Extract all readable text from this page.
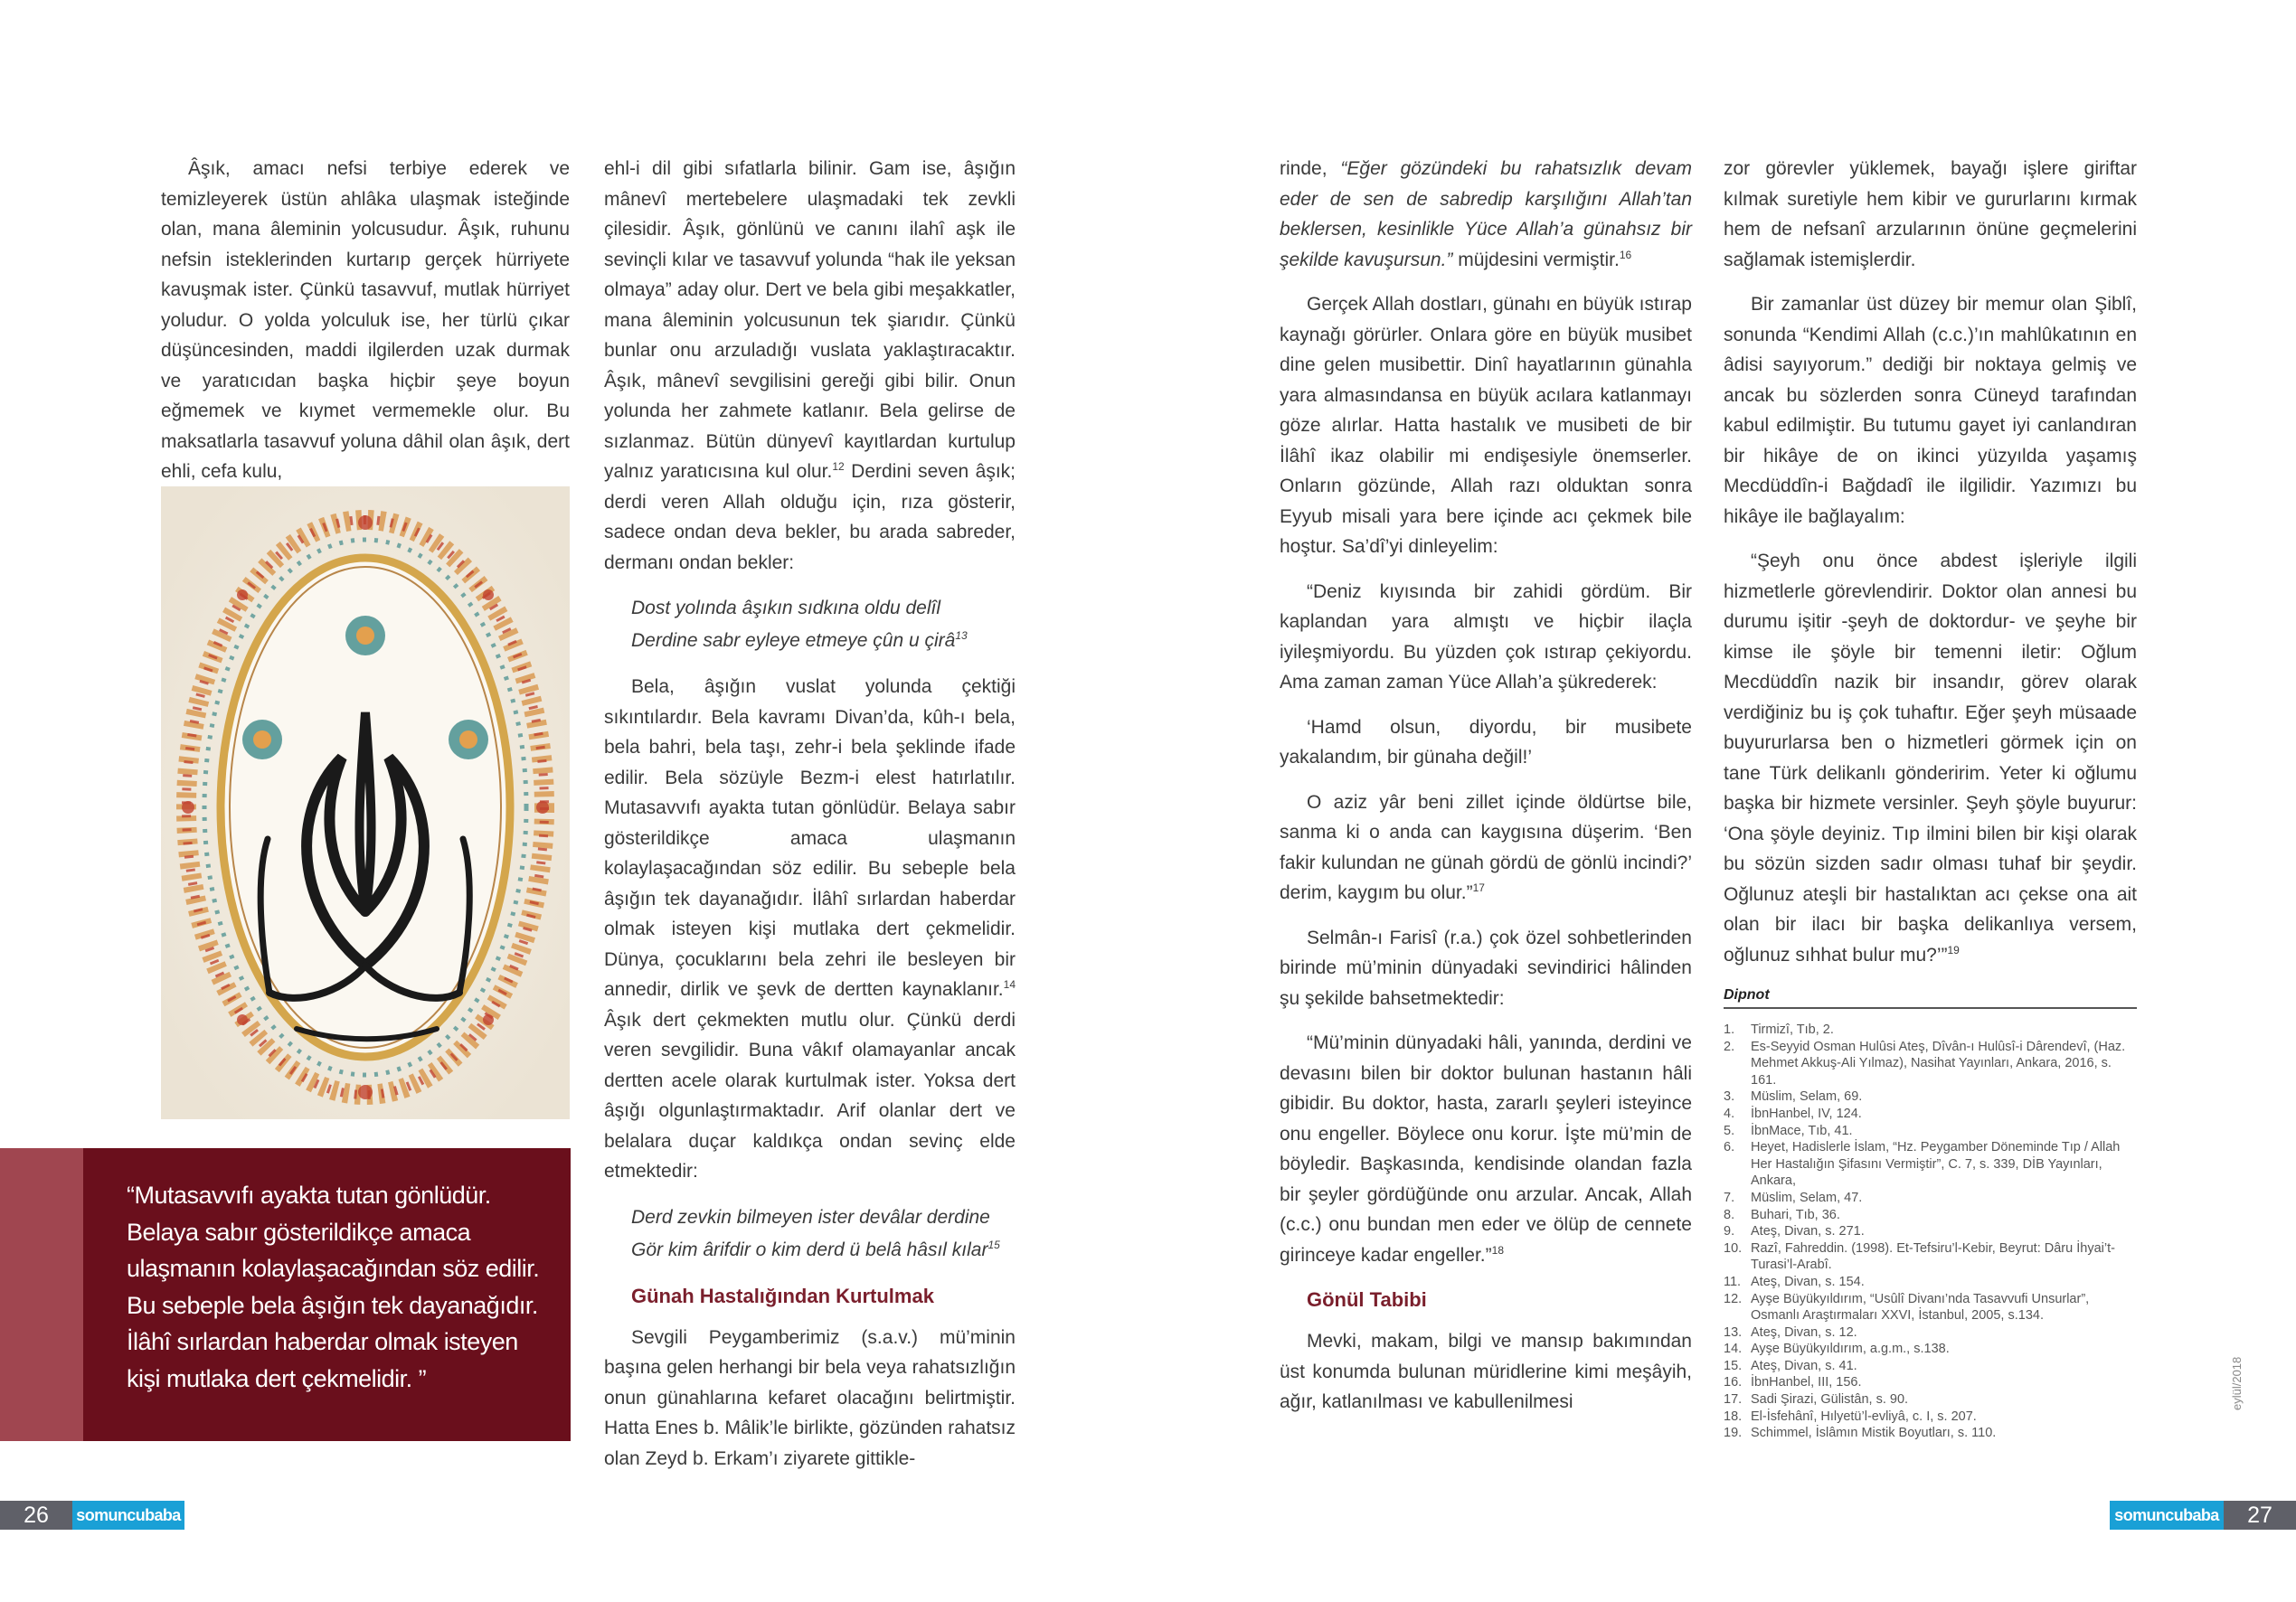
Âşık, amacı nefsi terbiye ederek ve temizleyerek üstün ahlâka ulaşmak isteğinde olan, mana âleminin yolcusudur. Âşık, ruhunu nefsin isteklerinden kurtarıp gerçek hürriyete kavuşmak ister. Çünkü tasavvuf, mutlak hürriyet yoludur. O yolda yolculuk ise, her türlü çıkar düşüncesinden, maddi ilgilerden uzak durmak ve yaratıcıdan başka hiçbir şeye boyun eğmemek ve kıymet vermemekle olur. Bu maksatlarla tasavvuf yoluna dâhil olan âşık, dert ehli, cefa kulu,

“Mutasavvıfı ayakta tutan gönlüdür. Belaya sabır gösterildikçe amaca ulaşmanın kolaylaşacağından söz edilir. Bu sebeple bela âşığın tek dayanağıdır. İlâhî sırlardan haberdar olmak isteyen kişi mutlaka dert çekmelidir. ”

ehl-i dil gibi sıfatlarla bilinir. Gam ise, âşığın mânevî mertebelere ulaşmadaki tek zevkli çilesidir. Âşık, gönlünü ve canını ilahî aşk ile sevinçli kılar ve tasavvuf yolunda “hak ile yeksan olmaya” aday olur. Dert ve bela gibi meşakkatler, mana âleminin yolcusunun tek şiarıdır. Çünkü bunlar onu arzuladığı vuslata yaklaştıracaktır. Âşık, mânevî sevgilisini gereği gibi bilir. Onun yolunda her zahmete katlanır. Bela gelirse de sızlanmaz. Bütün dünyevî kayıtlardan kurtulup yalnız yaratıcısına kul olur.$^{12}$ Derdini seven âşık; derdi veren Allah olduğu için, rıza gösterir, sadece ondan deva bekler, bu arada sabreder, dermanı ondan bekler:

Dost yolında âşıkın sıdkına oldu delîl
Derdine sabr eyleye etmeye çûn u çirâ$^{13}$

Bela, âşığın vuslat yolunda çektiği sıkıntılardır. Bela kavramı Divan’da, kûh-ı bela, bela bahri, bela taşı, zehr-i bela şeklinde ifade edilir. Bela sözüyle Bezm-i elest hatırlatılır. Mutasavvıfı ayakta tutan gönlüdür. Belaya sabır gösterildikçe amaca ulaşmanın kolaylaşacağından söz edilir. Bu sebeple bela âşığın tek dayanağıdır. İlâhî sırlardan haberdar olmak isteyen kişi mutlaka dert çekmelidir. Dünya, çocuklarını bela zehri ile besleyen bir annedir, dirlik ve şevk de dertten kaynaklanır.$^{14}$ Âşık dert çekmekten mutlu olur. Çünkü derdi veren sevgilidir. Buna vâkıf olamayanlar ancak dertten acele olarak kurtulmak ister. Yoksa dert âşığı olgunlaştırmaktadır. Arif olanlar dert ve belalara duçar kaldıkça ondan sevinç elde etmektedir:

Derd zevkin bilmeyen ister devâlar derdine
Gör kim ârifdir o kim derd ü belâ hâsıl kılar$^{15}$
Günah Hastalığından Kurtulmak

Sevgili Peygamberimiz (s.a.v.) mü’minin başına gelen herhangi bir bela veya rahatsızlığın onun günahlarına kefaret olacağını belirtmiştir. Hatta Enes b. Mâlik’le birlikte, gözünden rahatsız olan Zeyd b. Erkam’ı ziyarete gittikle-

rinde, “Eğer gözündeki bu rahatsızlık devam eder de sen de sabredip karşılığını Allah’tan beklersen, kesinlikle Yüce Allah’a günahsız bir şekilde kavuşursun.” müjdesini vermiştir.$^{16}$

Gerçek Allah dostları, günahı en büyük ıstırap kaynağı görürler. Onlara göre en büyük musibet dine gelen musibettir. Dinî hayatlarının günahla yara almasındansa en büyük acılara katlanmayı göze alırlar. Hatta hastalık ve musibeti de bir İlâhî ikaz olabilir mi endişesiyle önemserler. Onların gözünde, Allah razı olduktan sonra Eyyub misali yara bere içinde acı çekmek bile hoştur. Sa’dî’yi dinleyelim:

“Deniz kıyısında bir zahidi gördüm. Bir kaplandan yara almıştı ve hiçbir ilaçla iyileşmiyordu. Bu yüzden çok ıstırap çekiyordu. Ama zaman zaman Yüce Allah’a şükrederek:

‘Hamd olsun, diyordu, bir musibete yakalandım, bir günaha değil!’

O aziz yâr beni zillet içinde öldürtse bile, sanma ki o anda can kaygısına düşerim. ‘Ben fakir kulundan ne günah gördü de gönlü incindi?’ derim, kaygım bu olur.”$^{17}$

Selmân-ı Farisî (r.a.) çok özel sohbetlerinden birinde mü’minin dünyadaki sevindirici hâlinden şu şekilde bahsetmektedir:

“Mü’minin dünyadaki hâli, yanında, derdini ve devasını bilen bir doktor bulunan hastanın hâli gibidir. Bu doktor, hasta, zararlı şeyleri isteyince onu engeller. Böylece onu korur. İşte mü’min de böyledir. Başkasında, kendisinde olandan fazla bir şeyler gördüğünde onu arzular. Ancak, Allah (c.c.) onu bundan men eder ve ölüp de cennete girinceye kadar engeller.”$^{18}$

Gönül Tabibi

Mevki, makam, bilgi ve mansıp bakımından üst konumda bulunan müridlerine kimi meşâyih, ağır, katlanılması ve kabullenilmesi

zor görevler yüklemek, bayağı işlere giriftar kılmak suretiyle hem kibir ve gururlarını kırmak hem de nefsanî arzularının önüne geçmelerini sağlamak istemişlerdir.

Bir zamanlar üst düzey bir memur olan Şiblî, sonunda “Kendimi Allah (c.c.)’ın mahlûkatının en âdisi sayıyorum.” dediği bir noktaya gelmiş ve ancak bu sözlerden sonra Cüneyd tarafından kabul edilmiştir. Bu tutumu gayet iyi canlandıran bir hikâye de on ikinci yüzyılda yaşamış Mecdüddîn-i Bağdadî ile ilgilidir. Yazımızı bu hikâye ile bağlayalım:

“Şeyh onu önce abdest işleriyle ilgili hizmetlerle görevlendirir. Doktor olan annesi bu durumu işitir -şeyh de doktordur- ve şeyhe bir kimse ile şöyle bir temenni iletir: Oğlum Mecdüddîn nazik bir insandır, görev olarak verdiğiniz bu iş çok tuhaftır. Eğer şeyh müsaade buyururlarsa ben o hizmetleri görmek için on tane Türk delikanlı gönderirim. Yeter ki oğlumu başka bir hizmete versinler. Şeyh şöyle buyurur: ‘Ona şöyle deyiniz. Tıp ilmini bilen bir kişi olarak bu sözün sizden sadır olması tuhaf bir şeydir. Oğlunuz ateşli bir hastalıktan acı çekse ona ait olan bir ilacı bir başka delikanlıya versem, oğlunuz sıhhat bulur mu?’”$^{19}$

Dipnot
1. Tirmizî, Tıb, 2.
2. Es-Seyyid Osman Hulûsi Ateş, Dîvân-ı Hulûsî-i Dârendevî, (Haz. Mehmet Akkuş-Ali Yılmaz), Nasihat Yayınları, Ankara, 2016, s. 161.
3. Müslim, Selam, 69.
4. İbnHanbel, IV, 124.
5. İbnMace, Tıb, 41.
6. Heyet, Hadislerle İslam, “Hz. Peygamber Döneminde Tıp / Allah Her Hastalığın Şifasını Vermiştir”, C. 7, s. 339, DİB Yayınları, Ankara,
7. Müslim, Selam, 47.
8. Buhari, Tıb, 36.
9. Ateş, Divan, s. 271.
10. Razî, Fahreddin. (1998). Et-Tefsiru’l-Kebir, Beyrut: Dâru İhyai’t-Turasi’l-Arabî.
11. Ateş, Divan, s. 154.
12. Ayşe Büyükyıldırım, “Usûlî Divanı’nda Tasavvufi Unsurlar”, Osmanlı Araştırmaları XXVI, İstanbul, 2005, s.134.
13. Ateş, Divan, s. 12.
14. Ayşe Büyükyıldırım, a.g.m., s.138.
15. Ateş, Divan, s. 41.
16. İbnHanbel, III, 156.
17. Sadi Şirazi, Gülistân, s. 90.
18. El-İsfehânî, Hılyetü’l-evliyâ, c. I, s. 207.
19. Schimmel, İslâmın Mistik Boyutları, s. 110.
26	somuncubaba
eylül/2018
somuncubaba	27
